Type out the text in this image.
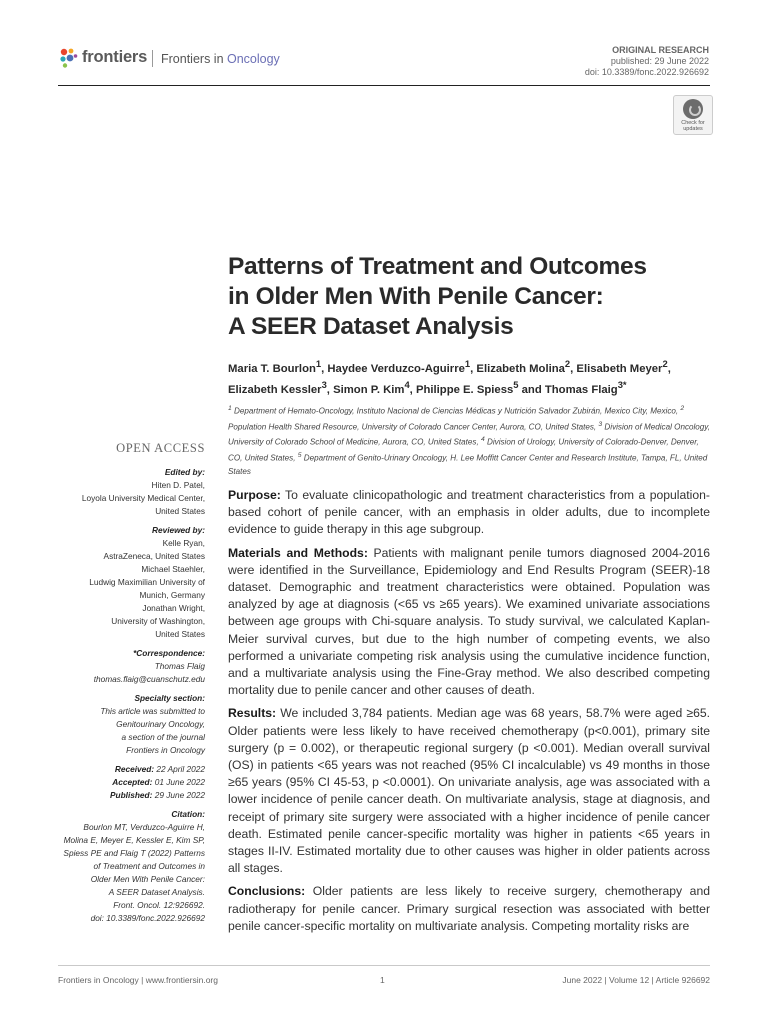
frontiers Frontiers in Oncology
ORIGINAL RESEARCH
published: 29 June 2022
doi: 10.3389/fonc.2022.926692
Check for updates
Patterns of Treatment and Outcomes
in Older Men With Penile Cancer:
A SEER Dataset Analysis
Maria T. Bourlon$^1$, Haydee Verduzco-Aguirre$^1$, Elizabeth Molina$^2$, Elisabeth Meyer$^2$,
Elizabeth Kessler$^3$, Simon P. Kim$^4$, Philippe E. Spiess$^5$ and Thomas Flaig$^{3*}$
$^1$ Department of Hemato-Oncology, Instituto Nacional de Ciencias Médicas y Nutrición Salvador Zubirán, Mexico City, Mexico, $^2$ Population Health Shared Resource, University of Colorado Cancer Center, Aurora, CO, United States, $^3$ Division of Medical Oncology, University of Colorado School of Medicine, Aurora, CO, United States, $^4$ Division of Urology, University of Colorado-Denver, Denver, CO, United States, $^5$ Department of Genito-Urinary Oncology, H. Lee Moffitt Cancer Center and Research Institute, Tampa, FL, United States
OPEN ACCESS
Edited by:
Hiten D. Patel,
Loyola University Medical Center,
United States
Reviewed by:
Kelle Ryan,
AstraZeneca, United States
Michael Staehler,
Ludwig Maximilian University of
Munich, Germany
Jonathan Wright,
University of Washington,
United States
*Correspondence:
Thomas Flaig
thomas.flaig@cuanschutz.edu
Specialty section:
This article was submitted to
Genitourinary Oncology,
a section of the journal
Frontiers in Oncology
Received: 22 April 2022
Accepted: 01 June 2022
Published: 29 June 2022
Citation:
Bourlon MT, Verduzco-Aguirre H,
Molina E, Meyer E, Kessler E, Kim SP,
Spiess PE and Flaig T (2022) Patterns
of Treatment and Outcomes in
Older Men With Penile Cancer:
A SEER Dataset Analysis.
Front. Oncol. 12:926692.
doi: 10.3389/fonc.2022.926692

Purpose: To evaluate clinicopathologic and treatment characteristics from a population-based cohort of penile cancer, with an emphasis in older adults, due to incomplete evidence to guide therapy in this age subgroup.

Materials and Methods: Patients with malignant penile tumors diagnosed 2004-2016 were identified in the Surveillance, Epidemiology and End Results Program (SEER)-18 dataset. Demographic and treatment characteristics were obtained. Population was analyzed by age at diagnosis (<65 vs ≥65 years). We examined univariate associations between age groups with Chi-square analysis. To study survival, we calculated Kaplan-Meier survival curves, but due to the high number of competing events, we also performed a univariate competing risk analysis using the cumulative incidence function, and a multivariate analysis using the Fine-Gray method. We also described competing mortality due to penile cancer and other causes of death.

Results: We included 3,784 patients. Median age was 68 years, 58.7% were aged ≥65. Older patients were less likely to have received chemotherapy (p<0.001), primary site surgery (p = 0.002), or therapeutic regional surgery (p <0.001). Median overall survival (OS) in patients <65 years was not reached (95% CI incalculable) vs 49 months in those ≥65 years (95% CI 45-53, p <0.0001). On univariate analysis, age was associated with a lower incidence of penile cancer death. On multivariate analysis, stage at diagnosis, and receipt of primary site surgery were associated with a higher incidence of penile cancer death. Estimated penile cancer-specific mortality was higher in patients <65 years in stages II-IV. Estimated mortality due to other causes was higher in older patients across all stages.

Conclusions: Older patients are less likely to receive surgery, chemotherapy and radiotherapy for penile cancer. Primary surgical resection was associated with better penile cancer-specific mortality on multivariate analysis. Competing mortality risks are

Frontiers in Oncology | www.frontiersin.org	1	June 2022 | Volume 12 | Article 926692
